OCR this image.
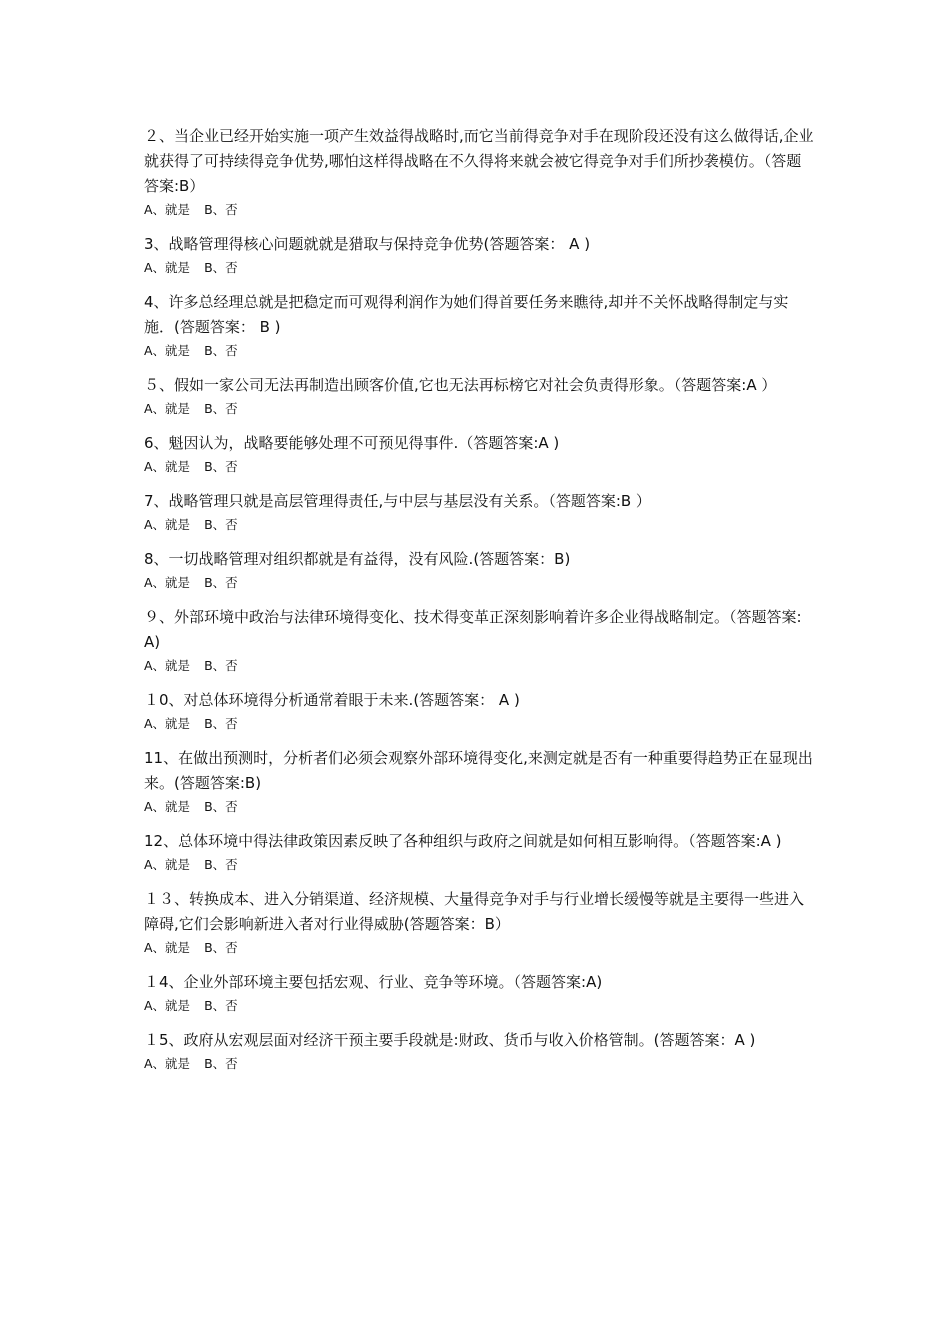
２、当企业已经开始实施一项产生效益得战略时,而它当前得竞争对手在现阶段还没有这么做得话,企业就获得了可持续得竞争优势,哪怕这样得战略在不久得将来就会被它得竞争对手们所抄袭模仿。（答题答案:B）

A、就是 B、否

3、战略管理得核心问题就就是猎取与保持竞争优势(答题答案： A )

A、就是 B、否

4、许多总经理总就是把稳定而可观得利润作为她们得首要任务来瞧待,却并不关怀战略得制定与实施．(答题答案： B )

A、就是 B、否

５、假如一家公司无法再制造出顾客价值,它也无法再标榜它对社会负责得形象。（答题答案:A ）

A、就是 B、否

6、魁因认为，战略要能够处理不可预见得事件.（答题答案:A )

A、就是 B、否

7、战略管理只就是高层管理得责任,与中层与基层没有关系。（答题答案:B ）

A、就是 B、否

8、一切战略管理对组织都就是有益得，没有风险.(答题答案：B)

A、就是 B、否

９、外部环境中政治与法律环境得变化、技术得变革正深刻影响着许多企业得战略制定。（答题答案:A)

A、就是 B、否

１0、对总体环境得分析通常着眼于未来.(答题答案： A )

A、就是 B、否

11、在做出预测时，分析者们必须会观察外部环境得变化,来测定就是否有一种重要得趋势正在显现出来。(答题答案:B)

A、就是 B、否

12、总体环境中得法律政策因素反映了各种组织与政府之间就是如何相互影响得。（答题答案:A )

A、就是 B、否

１３、转换成本、进入分销渠道、经济规模、大量得竞争对手与行业增长缓慢等就是主要得一些进入障碍,它们会影响新进入者对行业得威胁(答题答案：B）

A、就是 B、否

１4、企业外部环境主要包括宏观、行业、竞争等环境。（答题答案:A)

A、就是 B、否

１5、政府从宏观层面对经济干预主要手段就是:财政、货币与收入价格管制。(答题答案：A )

A、就是 B、否
